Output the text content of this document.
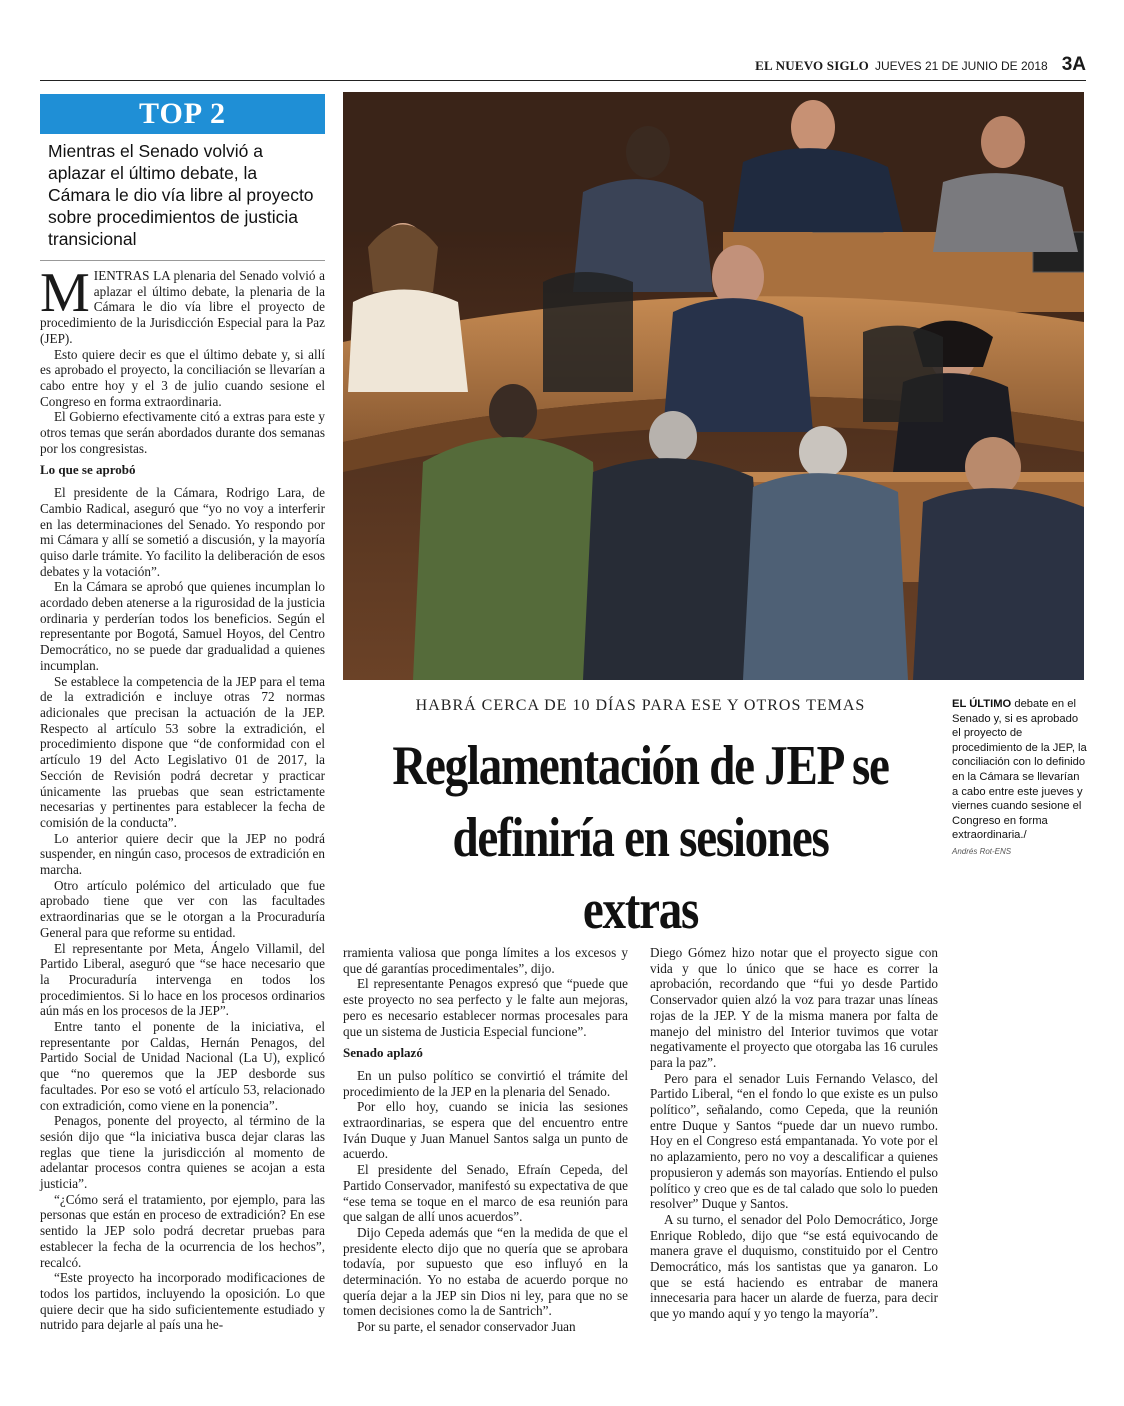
EL NUEVO SIGLO JUEVES 21 DE JUNIO DE 2018 3A
TOP 2
Mientras el Senado volvió a aplazar el último debate, la Cámara le dio vía libre al proyecto sobre procedimientos de justicia transicional

MIENTRAS LA plenaria del Senado volvió a aplazar el último debate, la plenaria de la Cámara le dio vía libre el proyecto de procedimiento de la Jurisdicción Especial para la Paz (JEP).

Esto quiere decir es que el último debate y, si allí es aprobado el proyecto, la conciliación se llevarían a cabo entre hoy y el 3 de julio cuando sesione el Congreso en forma extraordinaria.

El Gobierno efectivamente citó a extras para este y otros temas que serán abordados durante dos semanas por los congresistas.

Lo que se aprobó

El presidente de la Cámara, Rodrigo Lara, de Cambio Radical, aseguró que “yo no voy a interferir en las determinaciones del Senado. Yo respondo por mi Cámara y allí se sometió a discusión, y la mayoría quiso darle trámite. Yo facilito la deliberación de esos debates y la votación”.

En la Cámara se aprobó que quienes incumplan lo acordado deben atenerse a la rigurosidad de la justicia ordinaria y perderían todos los beneficios. Según el representante por Bogotá, Samuel Hoyos, del Centro Democrático, no se puede dar gradualidad a quienes incumplan.

Se establece la competencia de la JEP para el tema de la extradición e incluye otras 72 normas adicionales que precisan la actuación de la JEP. Respecto al artículo 53 sobre la extradición, el procedimiento dispone que “de conformidad con el artículo 19 del Acto Legislativo 01 de 2017, la Sección de Revisión podrá decretar y practicar únicamente las pruebas que sean estrictamente necesarias y pertinentes para establecer la fecha de comisión de la conducta”.

Lo anterior quiere decir que la JEP no podrá suspender, en ningún caso, procesos de extradición en marcha.

Otro artículo polémico del articulado que fue aprobado tiene que ver con las facultades extraordinarias que se le otorgan a la Procuraduría General para que reforme su entidad.

El representante por Meta, Ángelo Villamil, del Partido Liberal, aseguró que “se hace necesario que la Procuraduría intervenga en todos los procedimientos. Si lo hace en los procesos ordinarios aún más en los procesos de la JEP”.

Entre tanto el ponente de la iniciativa, el representante por Caldas, Hernán Penagos, del Partido Social de Unidad Nacional (La U), explicó que “no queremos que la JEP desborde sus facultades. Por eso se votó el artículo 53, relacionado con extradición, como viene en la ponencia”.

Penagos, ponente del proyecto, al término de la sesión dijo que “la iniciativa busca dejar claras las reglas que tiene la jurisdicción al momento de adelantar procesos contra quienes se acojan a esta justicia”.

“¿Cómo será el tratamiento, por ejemplo, para las personas que están en proceso de extradición? En ese sentido la JEP solo podrá decretar pruebas para establecer la fecha de la ocurrencia de los hechos”, recalcó.

“Este proyecto ha incorporado modificaciones de todos los partidos, incluyendo la oposición. Lo que quiere decir que ha sido suficientemente estudiado y nutrido para dejarle al país una he-

EL ÚLTIMO debate en el Senado y, si es aprobado el proyecto de procedimiento de la JEP, la conciliación con lo definido en la Cámara se llevarían a cabo entre este jueves y viernes cuando sesione el Congreso en forma extraordinaria./
Andrés Rot-ENS
HABRÁ CERCA DE 10 DÍAS PARA ESE Y OTROS TEMAS
Reglamentación de JEP se definiría en sesiones extras

rramienta valiosa que ponga límites a los excesos y que dé garantías procedimentales”, dijo.

El representante Penagos expresó que “puede que este proyecto no sea perfecto y le falte aun mejoras, pero es necesario establecer normas procesales para que un sistema de Justicia Especial funcione”.

Senado aplazó

En un pulso político se convirtió el trámite del procedimiento de la JEP en la plenaria del Senado.

Por ello hoy, cuando se inicia las sesiones extraordinarias, se espera que del encuentro entre Iván Duque y Juan Manuel Santos salga un punto de acuerdo.

El presidente del Senado, Efraín Cepeda, del Partido Conservador, manifestó su expectativa de que “ese tema se toque en el marco de esa reunión para que salgan de allí unos acuerdos”.

Dijo Cepeda además que “en la medida de que el presidente electo dijo que no quería que se aprobara todavía, por supuesto que eso influyó en la determinación. Yo no estaba de acuerdo porque no quería dejar a la JEP sin Dios ni ley, para que no se tomen decisiones como la de Santrich”.

Por su parte, el senador conservador Juan

Diego Gómez hizo notar que el proyecto sigue con vida y que lo único que se hace es correr la aprobación, recordando que “fui yo desde Partido Conservador quien alzó la voz para trazar unas líneas rojas de la JEP. Y de la misma manera por falta de manejo del ministro del Interior tuvimos que votar negativamente el proyecto que otorgaba las 16 curules para la paz”.

Pero para el senador Luis Fernando Velasco, del Partido Liberal, “en el fondo lo que existe es un pulso político”, señalando, como Cepeda, que la reunión entre Duque y Santos “puede dar un nuevo rumbo. Hoy en el Congreso está empantanada. Yo vote por el no aplazamiento, pero no voy a descalificar a quienes propusieron y además son mayorías. Entiendo el pulso político y creo que es de tal calado que solo lo pueden resolver” Duque y Santos.

A su turno, el senador del Polo Democrático, Jorge Enrique Robledo, dijo que “se está equivocando de manera grave el duquismo, constituido por el Centro Democrático, más los santistas que ya ganaron. Lo que se está haciendo es entrabar de manera innecesaria para hacer un alarde de fuerza, para decir que yo mando aquí y yo tengo la mayoría”.
